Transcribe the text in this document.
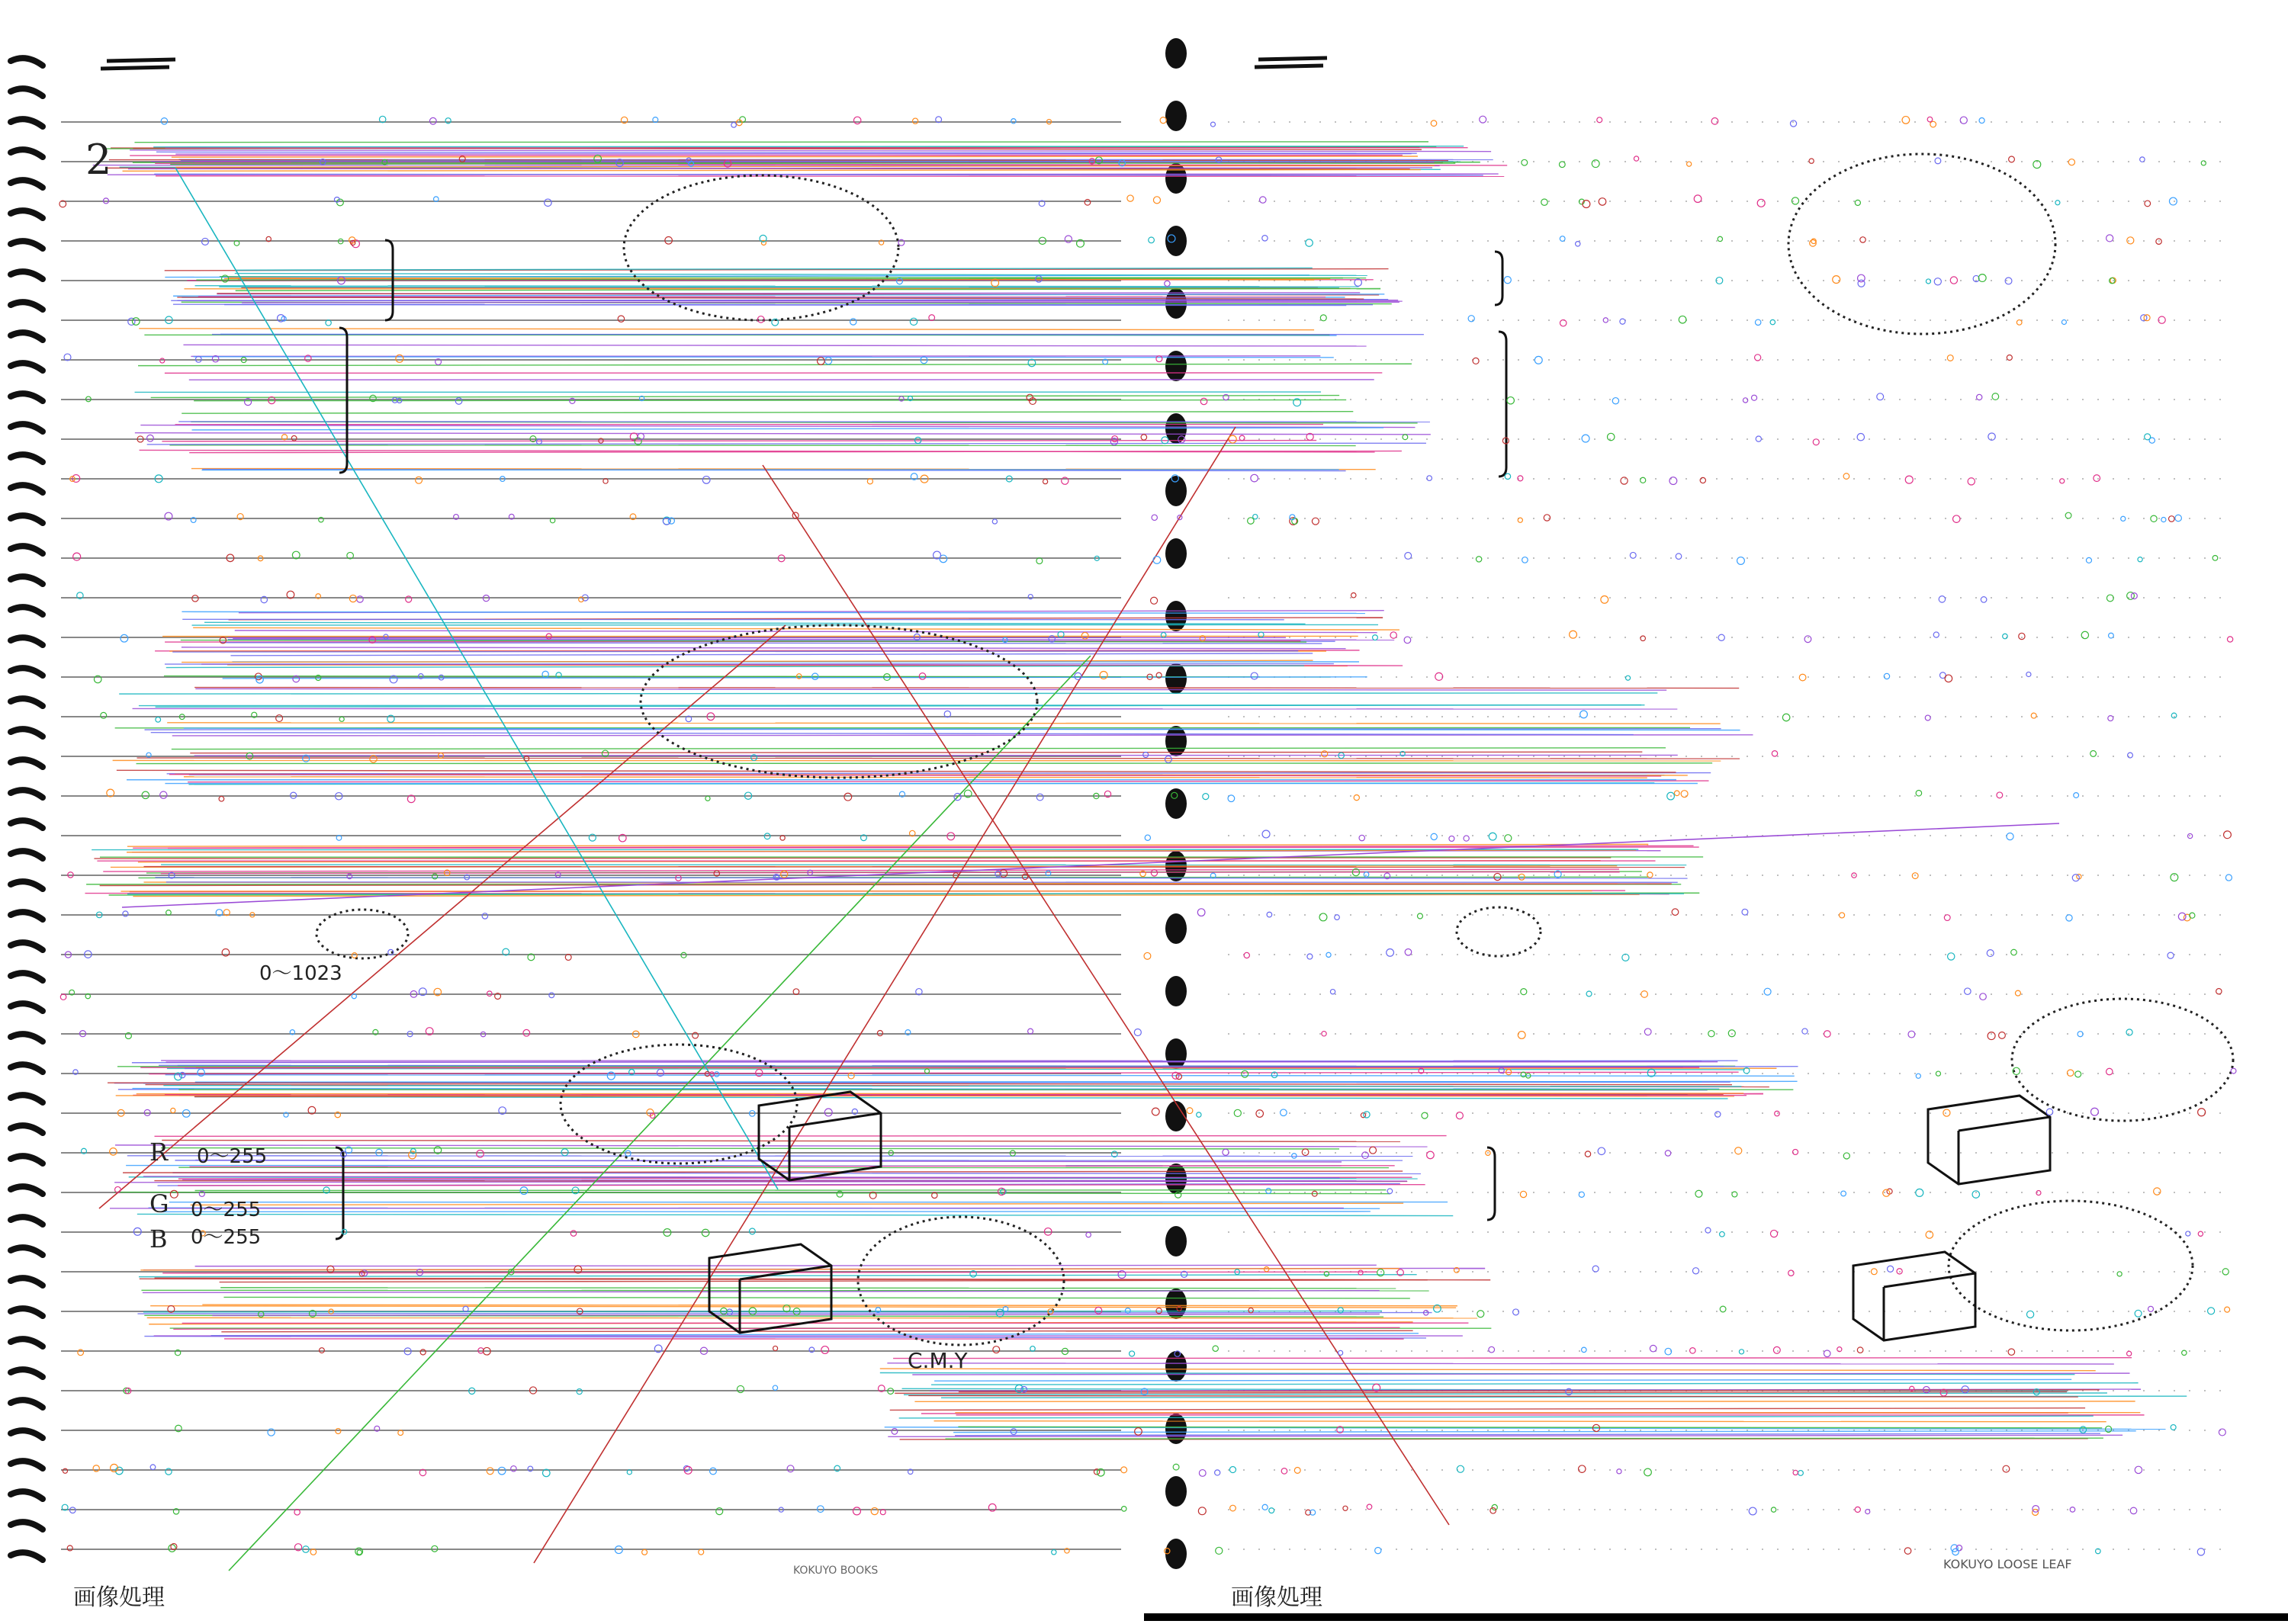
2
画像処理
KOKUYO BOOKS
画像処理
KOKUYO LOOSE LEAF
0〜255
0〜255
0〜255
0〜1023
R
G
B
C.M.Y
